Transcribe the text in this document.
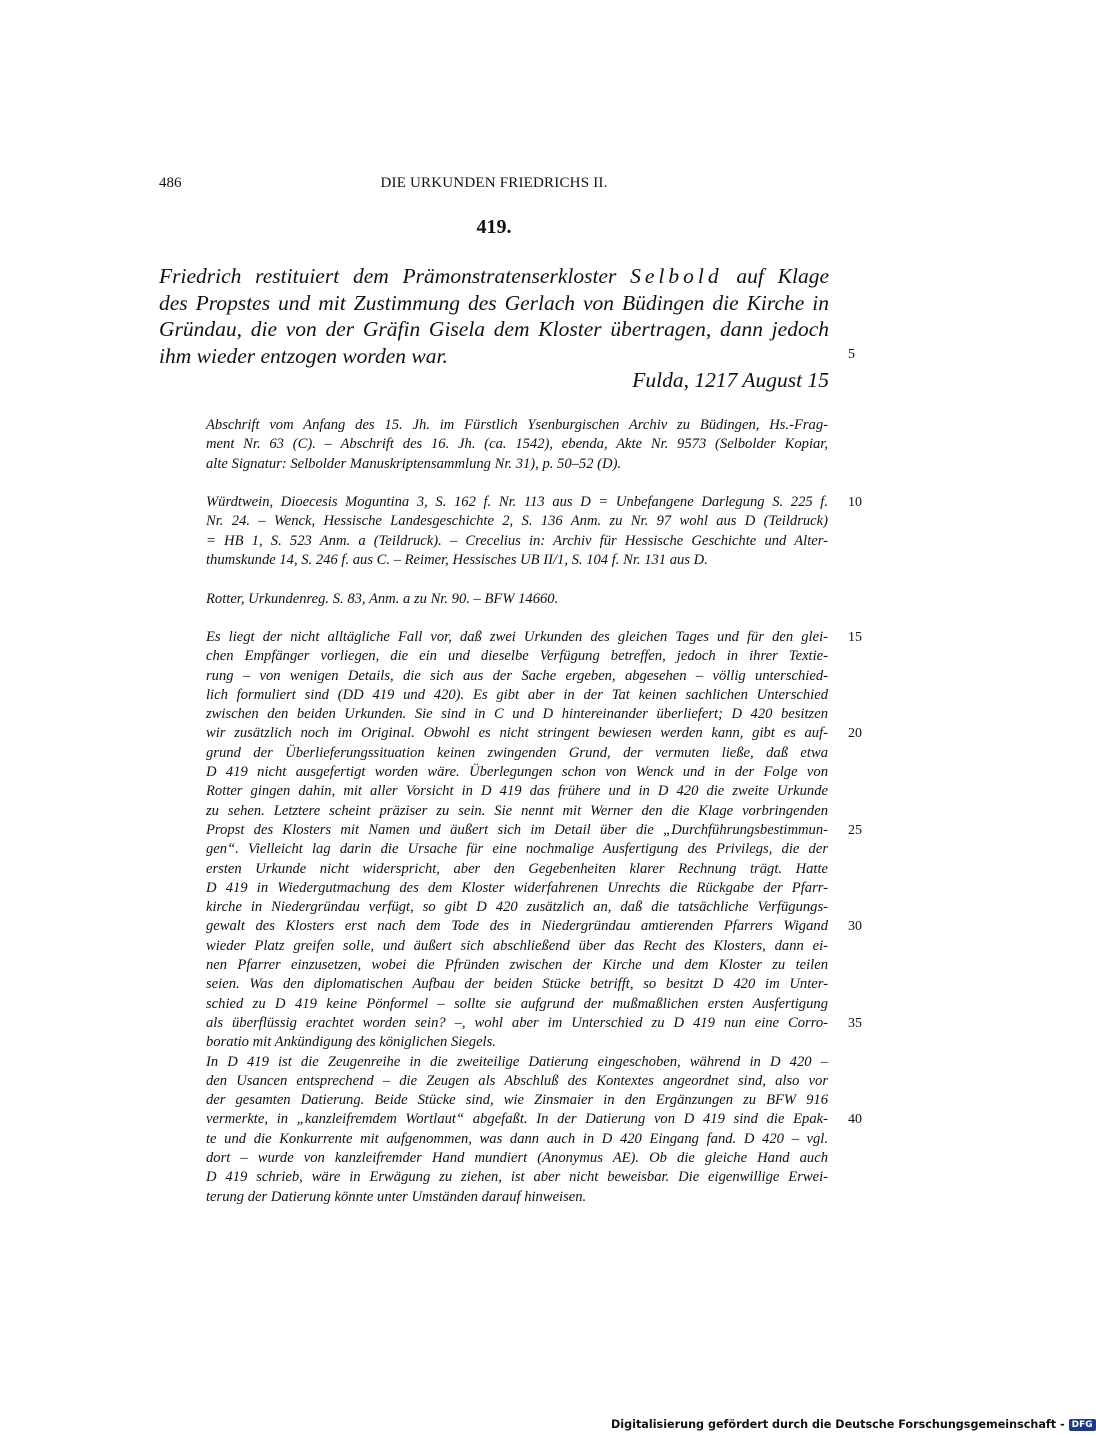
486	DIE URKUNDEN FRIEDRICHS II.
419.
Friedrich restituiert dem Prämonstratenserkloster Selbold auf Klage
des Propstes und mit Zustimmung des Gerlach von Büdingen die Kirche in
Gründau, die von der Gräfin Gisela dem Kloster übertragen, dann jedoch
ihm wieder entzogen worden war.
Fulda, 1217 August 15
Abschrift vom Anfang des 15. Jh. im Fürstlich Ysenburgischen Archiv zu Büdingen, Hs.-Frag-
ment Nr. 63 (C). – Abschrift des 16. Jh. (ca. 1542), ebenda, Akte Nr. 9573 (Selbolder Kopiar,
alte Signatur: Selbolder Manuskriptensammlung Nr. 31), p. 50–52 (D).
Würdtwein, Dioecesis Moguntina 3, S. 162 f. Nr. 113 aus D = Unbefangene Darlegung S. 225 f.
Nr. 24. – Wenck, Hessische Landesgeschichte 2, S. 136 Anm. zu Nr. 97 wohl aus D (Teildruck)
= HB 1, S. 523 Anm. a (Teildruck). – Crecelius in: Archiv für Hessische Geschichte und Alter-
thumskunde 14, S. 246 f. aus C. – Reimer, Hessisches UB II/1, S. 104 f. Nr. 131 aus D.
Rotter, Urkundenreg. S. 83, Anm. a zu Nr. 90. – BFW 14660.
Es liegt der nicht alltägliche Fall vor, daß zwei Urkunden des gleichen Tages und für den glei-
chen Empfänger vorliegen, die ein und dieselbe Verfügung betreffen, jedoch in ihrer Textie-
rung – von wenigen Details, die sich aus der Sache ergeben, abgesehen – völlig unterschied-
lich formuliert sind (DD 419 und 420). Es gibt aber in der Tat keinen sachlichen Unterschied
zwischen den beiden Urkunden. Sie sind in C und D hintereinander überliefert; D 420 besitzen
wir zusätzlich noch im Original. Obwohl es nicht stringent bewiesen werden kann, gibt es auf-
grund der Überlieferungssituation keinen zwingenden Grund, der vermuten ließe, daß etwa
D 419 nicht ausgefertigt worden wäre. Überlegungen schon von Wenck und in der Folge von
Rotter gingen dahin, mit aller Vorsicht in D 419 das frühere und in D 420 die zweite Urkunde
zu sehen. Letztere scheint präziser zu sein. Sie nennt mit Werner den die Klage vorbringenden
Propst des Klosters mit Namen und äußert sich im Detail über die „Durchführungsbestimmun-
gen“. Vielleicht lag darin die Ursache für eine nochmalige Ausfertigung des Privilegs, die der
ersten Urkunde nicht widerspricht, aber den Gegebenheiten klarer Rechnung trägt. Hatte
D 419 in Wiedergutmachung des dem Kloster widerfahrenen Unrechts die Rückgabe der Pfarr-
kirche in Niedergründau verfügt, so gibt D 420 zusätzlich an, daß die tatsächliche Verfügungs-
gewalt des Klosters erst nach dem Tode des in Niedergründau amtierenden Pfarrers Wigand
wieder Platz greifen solle, und äußert sich abschließend über das Recht des Klosters, dann ei-
nen Pfarrer einzusetzen, wobei die Pfründen zwischen der Kirche und dem Kloster zu teilen
seien. Was den diplomatischen Aufbau der beiden Stücke betrifft, so besitzt D 420 im Unter-
schied zu D 419 keine Pönformel – sollte sie aufgrund der mußmaßlichen ersten Ausfertigung
als überflüssig erachtet worden sein? –, wohl aber im Unterschied zu D 419 nun eine Corro-
boratio mit Ankündigung des königlichen Siegels.
In D 419 ist die Zeugenreihe in die zweiteilige Datierung eingeschoben, während in D 420 –
den Usancen entsprechend – die Zeugen als Abschluß des Kontextes angeordnet sind, also vor
der gesamten Datierung. Beide Stücke sind, wie Zinsmaier in den Ergänzungen zu BFW 916
vermerkte, in „kanzleifremdem Wortlaut“ abgefaßt. In der Datierung von D 419 sind die Epak-
te und die Konkurrente mit aufgenommen, was dann auch in D 420 Eingang fand. D 420 – vgl.
dort – wurde von kanzleifremder Hand mundiert (Anonymus AE). Ob die gleiche Hand auch
D 419 schrieb, wäre in Erwägung zu ziehen, ist aber nicht beweisbar. Die eigenwillige Erwei-
terung der Datierung könnte unter Umständen darauf hinweisen.
5
10
15
20
25
30
35
40
Digitalisierung gefördert durch die Deutsche Forschungsgemeinschaft - DFG
